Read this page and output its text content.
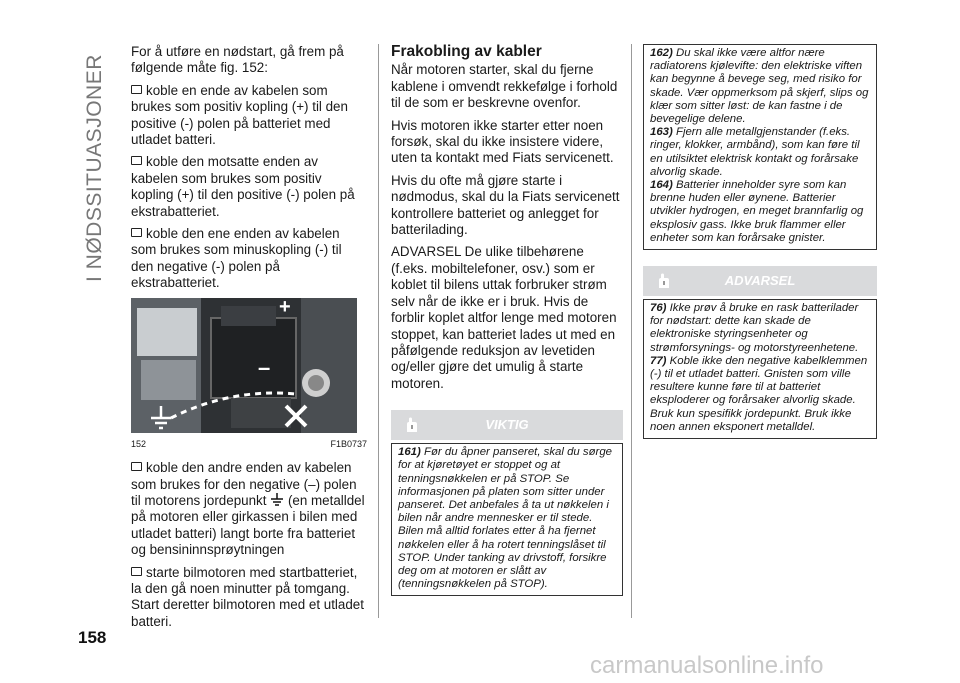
I NØDSSITUASJONER
158

For å utføre en nødstart, gå frem på følgende måte fig. 152:

koble en ende av kabelen som brukes som positiv kopling (+) til den positive (-) polen på batteriet med utladet batteri.

koble den motsatte enden av kabelen som brukes som positiv kopling (+) til den positive (-) polen på ekstrabatteriet.

koble den ene enden av kabelen som brukes som minuskopling (-) til den negative (-) polen på ekstrabatteriet.

+
–
152	F1B0737

koble den andre enden av kabelen som brukes for den negative (–) polen til motorens jordepunkt (en metalldel på motoren eller girkassen i bilen med utladet batteri) langt borte fra batteriet og bensininnsprøytningen

starte bilmotoren med startbatteriet, la den gå noen minutter på tomgang. Start deretter bilmotoren med et utladet batteri.

Frakobling av kabler

Når motoren starter, skal du fjerne kablene i omvendt rekkefølge i forhold til de som er beskrevne ovenfor.

Hvis motoren ikke starter etter noen forsøk, skal du ikke insistere videre, uten ta kontakt med Fiats servicenett.

Hvis du ofte må gjøre starte i nødmodus, skal du la Fiats servicenett kontrollere batteriet og anlegget for batterilading.

ADVARSEL De ulike tilbehørene (f.eks. mobiltelefoner, osv.) som er koblet til bilens uttak forbruker strøm selv når de ikke er i bruk. Hvis de forblir koplet altfor lenge med motoren stoppet, kan batteriet lades ut med en påfølgende reduksjon av levetiden og/eller gjøre det umulig å starte motoren.

VIKTIG

161) Før du åpner panseret, skal du sørge for at kjøretøyet er stoppet og at tenningsnøkkelen er på STOP. Se informasjonen på platen som sitter under panseret. Det anbefales å ta ut nøkkelen i bilen når andre mennesker er til stede. Bilen må alltid forlates etter å ha fjernet nøkkelen eller å ha rotert tenningslåset til STOP. Under tanking av drivstoff, forsikre deg om at motoren er slått av (tenningsnøkkelen på STOP).

162) Du skal ikke være altfor nære radiatorens kjølevifte: den elektriske viften kan begynne å bevege seg, med risiko for skade. Vær oppmerksom på skjerf, slips og klær som sitter løst: de kan fastne i de bevegelige delene.

163) Fjern alle metallgjenstander (f.eks. ringer, klokker, armbånd), som kan føre til en utilsiktet elektrisk kontakt og forårsake alvorlig skade.

164) Batterier inneholder syre som kan brenne huden eller øynene. Batterier utvikler hydrogen, en meget brannfarlig og eksplosiv gass. Ikke bruk flammer eller enheter som kan forårsake gnister.

ADVARSEL

76) Ikke prøv å bruke en rask batterilader for nødstart: dette kan skade de elektroniske styringsenheter og strømforsynings- og motorstyreenhetene.

77) Koble ikke den negative kabelklemmen (-) til et utladet batteri. Gnisten som ville resultere kunne føre til at batteriet eksploderer og forårsaker alvorlig skade. Bruk kun spesifikk jordepunkt. Bruk ikke noen annen eksponert metalldel.

carmanualsonline.info
